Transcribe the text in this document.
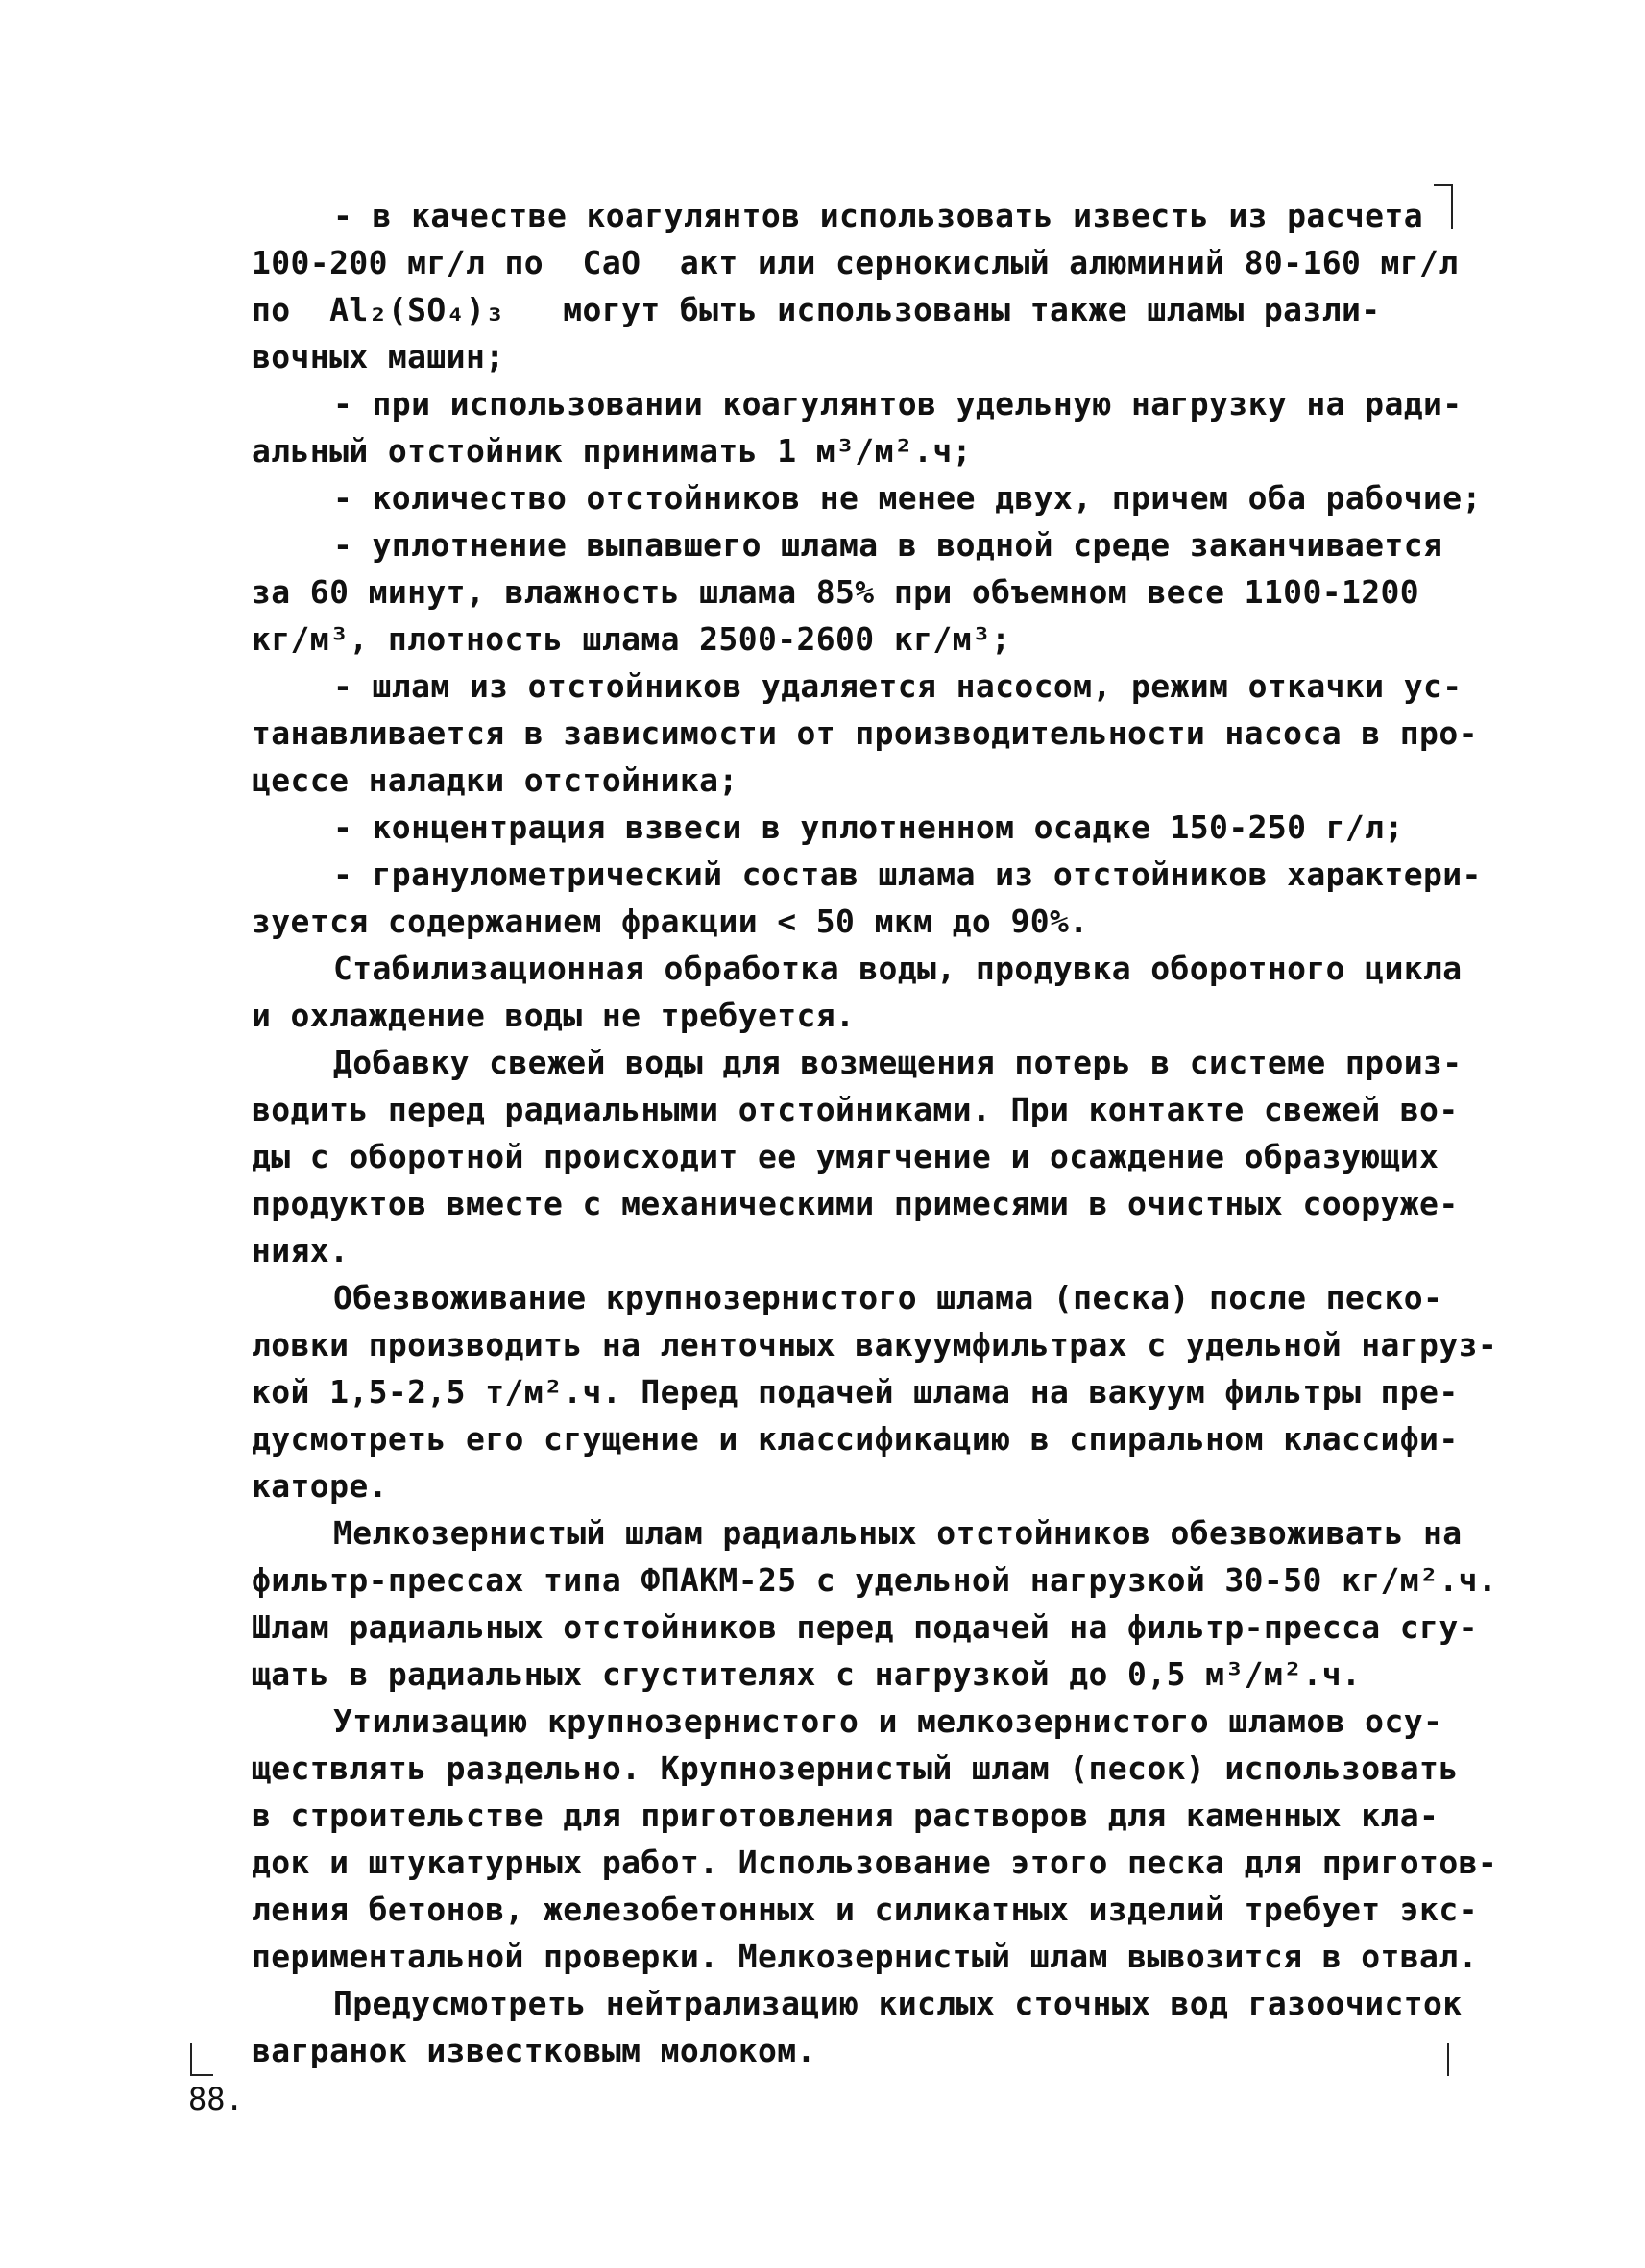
- в качестве коагулянтов использовать известь из расчета
100-200 мг/л по  СаО  акт или сернокислый алюминий 80-160 мг/л
по  Al₂(SO₄)₃   могут быть использованы также шламы разли-
вочных машин;
- при использовании коагулянтов удельную нагрузку на ради-
альный отстойник принимать 1 м³/м².ч;
- количество отстойников не менее двух, причем оба рабочие;
- уплотнение выпавшего шлама в водной среде заканчивается
за 60 минут, влажность шлама 85% при объемном весе 1100-1200
кг/м³, плотность шлама 2500-2600 кг/м³;
- шлам из отстойников удаляется насосом, режим откачки ус-
танавливается в зависимости от производительности насоса в про-
цессе наладки отстойника;
- концентрация взвеси в уплотненном осадке 150-250 г/л;
- гранулометрический состав шлама из отстойников характери-
зуется содержанием фракции < 50 мкм до 90%.
Стабилизационная обработка воды, продувка оборотного цикла
и охлаждение воды не требуется.
Добавку свежей воды для возмещения потерь в системе произ-
водить перед радиальными отстойниками. При контакте свежей во-
ды с оборотной происходит ее умягчение и осаждение образующих
продуктов вместе с механическими примесями в очистных сооруже-
ниях.
Обезвоживание крупнозернистого шлама (песка) после песко-
ловки производить на ленточных вакуумфильтрах с удельной нагруз-
кой 1,5-2,5 т/м².ч. Перед подачей шлама на вакуум фильтры пре-
дусмотреть его сгущение и классификацию в спиральном классифи-
каторе.
Мелкозернистый шлам радиальных отстойников обезвоживать на
фильтр-прессах типа ФПАКМ-25 с удельной нагрузкой 30-50 кг/м².ч.
Шлам радиальных отстойников перед подачей на фильтр-пресса сгу-
щать в радиальных сгустителях с нагрузкой до 0,5 м³/м².ч.
Утилизацию крупнозернистого и мелкозернистого шламов осу-
ществлять раздельно. Крупнозернистый шлам (песок) использовать
в строительстве для приготовления растворов для каменных кла-
док и штукатурных работ. Использование этого песка для приготов-
ления бетонов, железобетонных и силикатных изделий требует экс-
периментальной проверки. Мелкозернистый шлам вывозится в отвал.
Предусмотреть нейтрализацию кислых сточных вод газоочисток
вагранок известковым молоком.
88.
